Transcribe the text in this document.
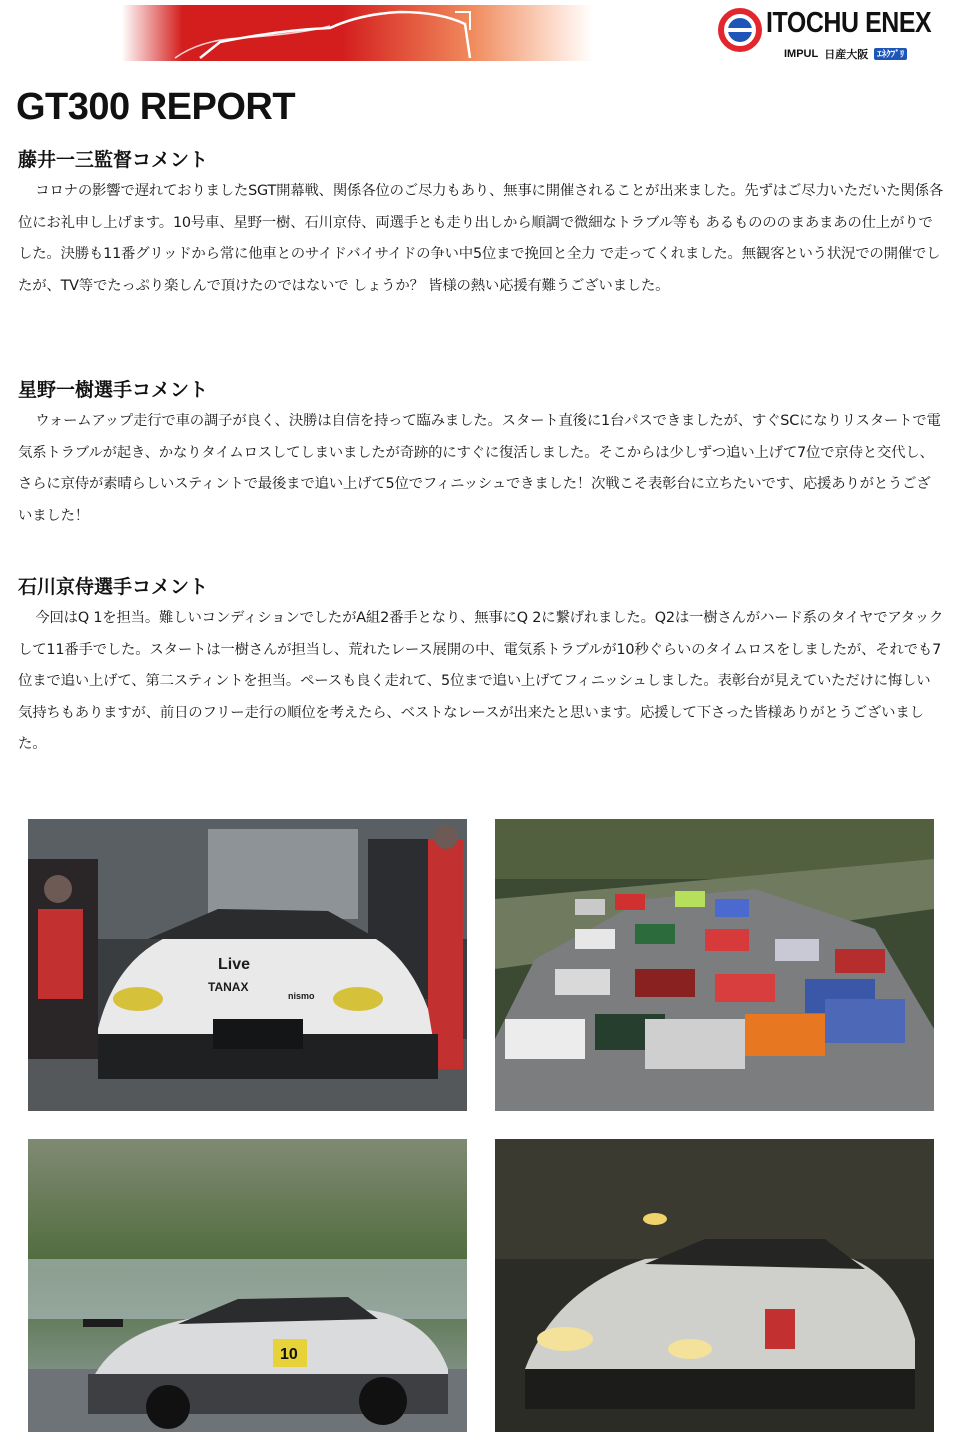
ITOCHU ENEX
IMPUL 日産大阪	ｴﾈｸﾌﾞﾘ
GT300 REPORT
藤井一三監督コメント

コロナの影響で遅れておりましたSGT開幕戦、関係各位のご尽力もあり、無事に開催されることが出来ました。先ずはご尽力いただいた関係各位にお礼申し上げます。10号車、星野一樹、石川京侍、両選手とも走り出しから順調で微細なトラブル等も あるものののまあまあの仕上がりでした。決勝も11番グリッドから常に他車とのサイドバイサイドの争い中5位まで挽回と全力 で走ってくれました。無観客という状況での開催でしたが、TV等でたっぷり楽しんで頂けたのではないで しょうか？ 皆様の熱い応援有難うございました。

星野一樹選手コメント

ウォームアップ走行で車の調子が良く、決勝は自信を持って臨みました。スタート直後に1台パスできましたが、すぐSCになりリスタートで電気系トラブルが起き、かなりタイムロスしてしまいましたが奇跡的にすぐに復活しました。そこからは少しずつ追い上げて7位で京侍と交代し、さらに京侍が素晴らしいスティントで最後まで追い上げて5位でフィニッシュできました！次戦こそ表彰台に立ちたいです、応援ありがとうございました！

石川京侍選手コメント

今回はQ 1を担当。難しいコンディションでしたがA組2番手となり、無事にQ 2に繋げれました。Q2は一樹さんがハード系のタイヤでアタックして11番手でした。スタートは一樹さんが担当し、荒れたレース展開の中、電気系トラブルが10秒ぐらいのタイムロスをしましたが、それでも7位まで追い上げて、第二スティントを担当。ペースも良く走れて、5位まで追い上げてフィニッシュしました。表彰台が見えていただけに悔しい気持ちもありますが、前日のフリー走行の順位を考えたら、ベストなレースが出来たと思います。応援して下さった皆様ありがとうございました。

Live
TANAX
nismo
10
